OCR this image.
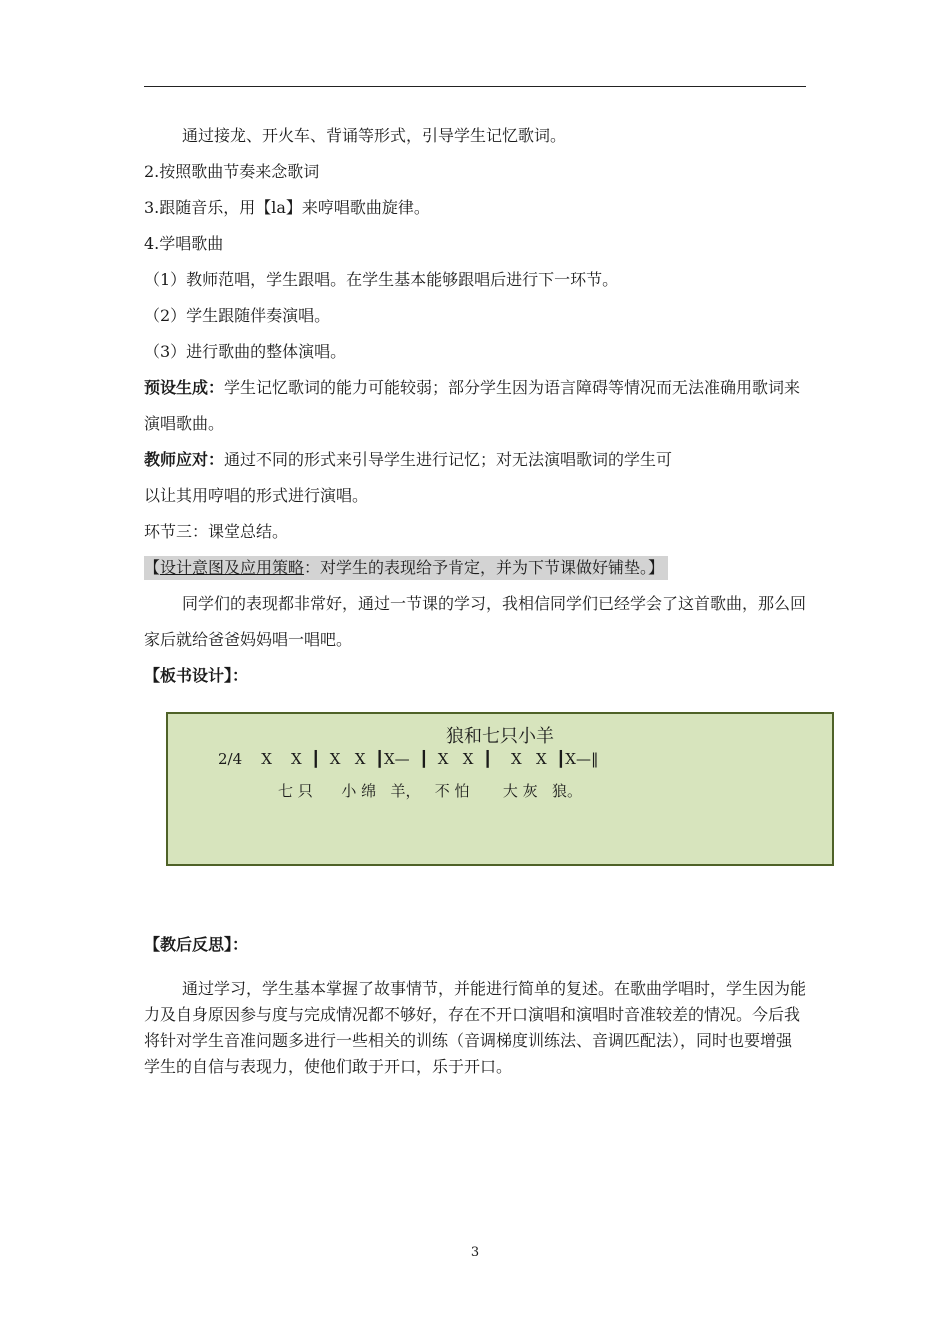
通过接龙、开火车、背诵等形式，引导学生记忆歌词。

2.按照歌曲节奏来念歌词

3.跟随音乐，用【la】来哼唱歌曲旋律。

4.学唱歌曲

（1）教师范唱，学生跟唱。在学生基本能够跟唱后进行下一环节。

（2）学生跟随伴奏演唱。

（3）进行歌曲的整体演唱。

预设生成：学生记忆歌词的能力可能较弱；部分学生因为语言障碍等情况而无法准确用歌词来演唱歌曲。

教师应对：通过不同的形式来引导学生进行记忆；对无法演唱歌词的学生可

以让其用哼唱的形式进行演唱。

环节三：课堂总结。

【设计意图及应用策略：对学生的表现给予肯定，并为下节课做好铺垫。】

同学们的表现都非常好，通过一节课的学习，我相信同学们已经学会了这首歌曲，那么回家后就给爸爸妈妈唱一唱吧。

【板书设计】：

狼和七只小羊
2/4    X    X  ┃  X   X  ┃X—  ┃  X   X  ┃    X   X  ┃X—‖
七 只      小 绵   羊，   不 怕       大 灰   狼。

【教后反思】：

通过学习，学生基本掌握了故事情节，并能进行简单的复述。在歌曲学唱时，学生因为能力及自身原因参与度与完成情况都不够好，存在不开口演唱和演唱时音准较差的情况。今后我将针对学生音准问题多进行一些相关的训练（音调梯度训练法、音调匹配法），同时也要增强学生的自信与表现力，使他们敢于开口，乐于开口。

3
